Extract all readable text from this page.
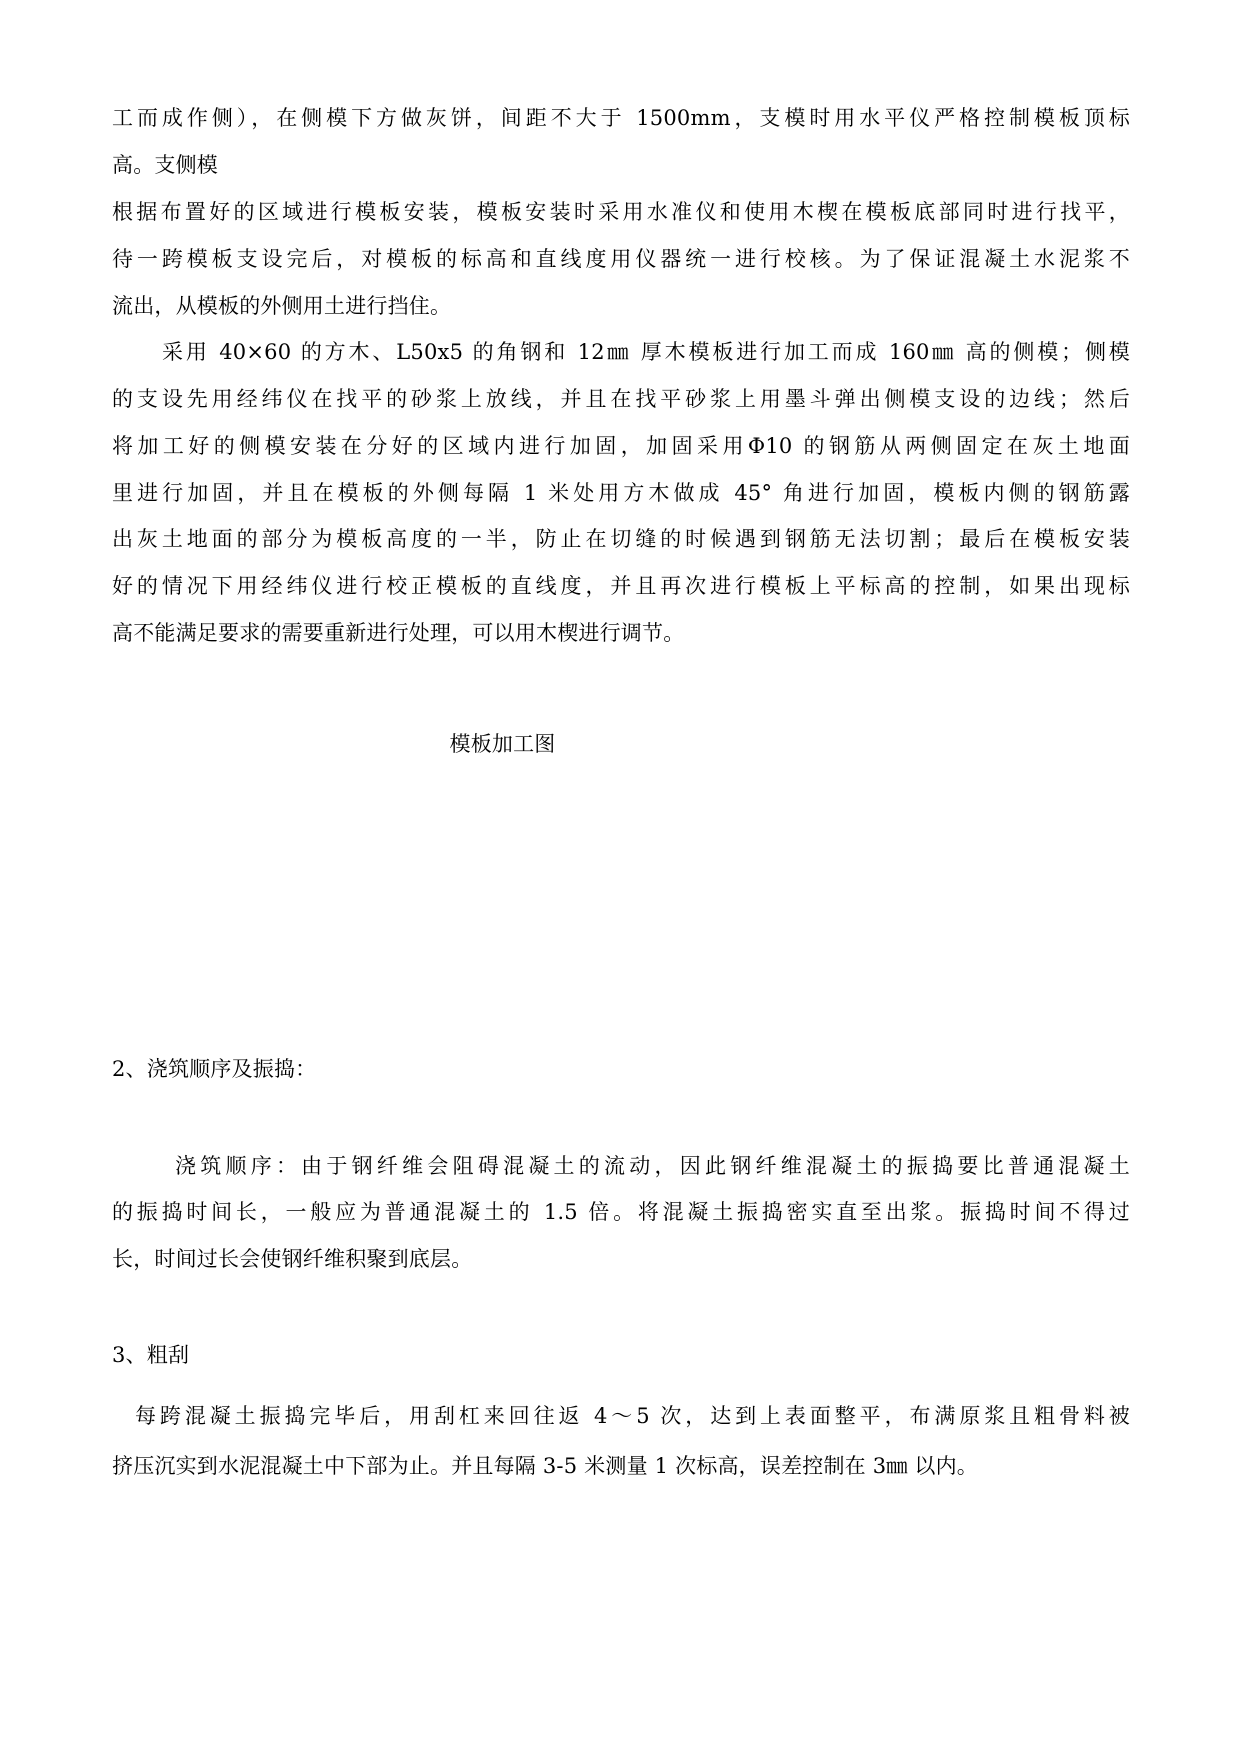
工而成作侧），在侧模下方做灰饼，间距不大于 1500mm，支模时用水平仪严格控制模板顶标
高。支侧模
根据布置好的区域进行模板安装，模板安装时采用水准仪和使用木楔在模板底部同时进行找平，
待一跨模板支设完后，对模板的标高和直线度用仪器统一进行校核。为了保证混凝土水泥浆不
流出，从模板的外侧用土进行挡住。
采用 40×60 的方木、L50x5 的角钢和 12㎜ 厚木模板进行加工而成 160㎜ 高的侧模；侧模
的支设先用经纬仪在找平的砂浆上放线，并且在找平砂浆上用墨斗弹出侧模支设的边线；然后
将加工好的侧模安装在分好的区域内进行加固，加固采用Φ10 的钢筋从两侧固定在灰土地面
里进行加固，并且在模板的外侧每隔 1 米处用方木做成 45° 角进行加固，模板内侧的钢筋露
出灰土地面的部分为模板高度的一半，防止在切缝的时候遇到钢筋无法切割；最后在模板安装
好的情况下用经纬仪进行校正模板的直线度，并且再次进行模板上平标高的控制，如果出现标
高不能满足要求的需要重新进行处理，可以用木楔进行调节。
模板加工图
2、浇筑顺序及振捣：
浇筑顺序：由于钢纤维会阻碍混凝土的流动，因此钢纤维混凝土的振捣要比普通混凝土
的振捣时间长，一般应为普通混凝土的 1.5 倍。将混凝土振捣密实直至出浆。振捣时间不得过
长，时间过长会使钢纤维积聚到底层。
3、粗刮
每跨混凝土振捣完毕后，用刮杠来回往返 4～5 次，达到上表面整平，布满原浆且粗骨料被
挤压沉实到水泥混凝土中下部为止。并且每隔 3-5 米测量 1 次标高，误差控制在 3㎜ 以内。
